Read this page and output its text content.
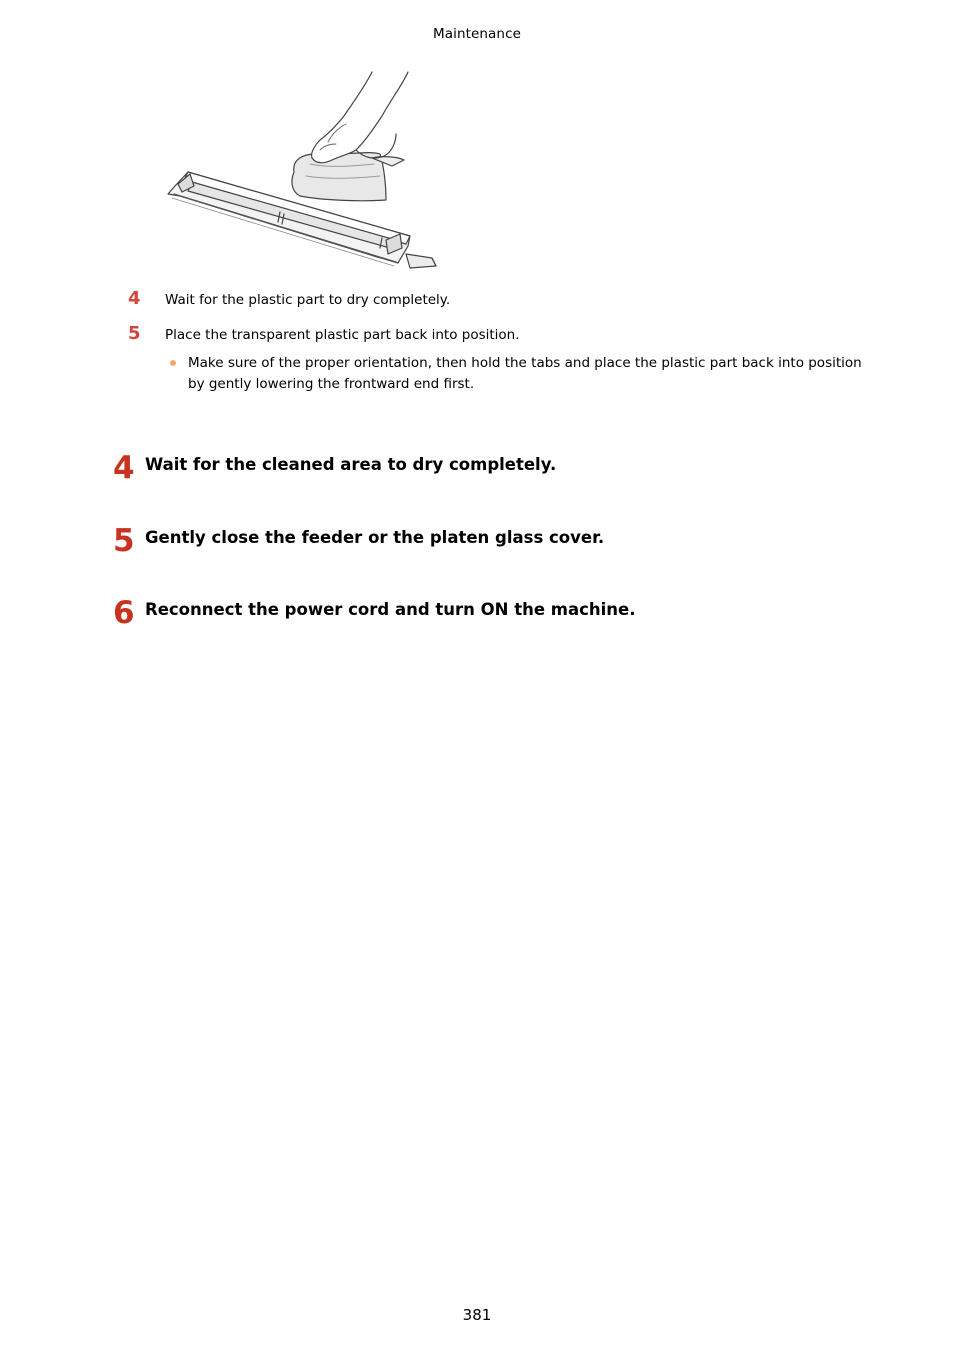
Maintenance
4 Wait for the plastic part to dry completely.
5 Place the transparent plastic part back into position.
Make sure of the proper orientation, then hold the tabs and place the plastic part back into position by gently lowering the frontward end first.
4 Wait for the cleaned area to dry completely.
5 Gently close the feeder or the platen glass cover.
6 Reconnect the power cord and turn ON the machine.
381
